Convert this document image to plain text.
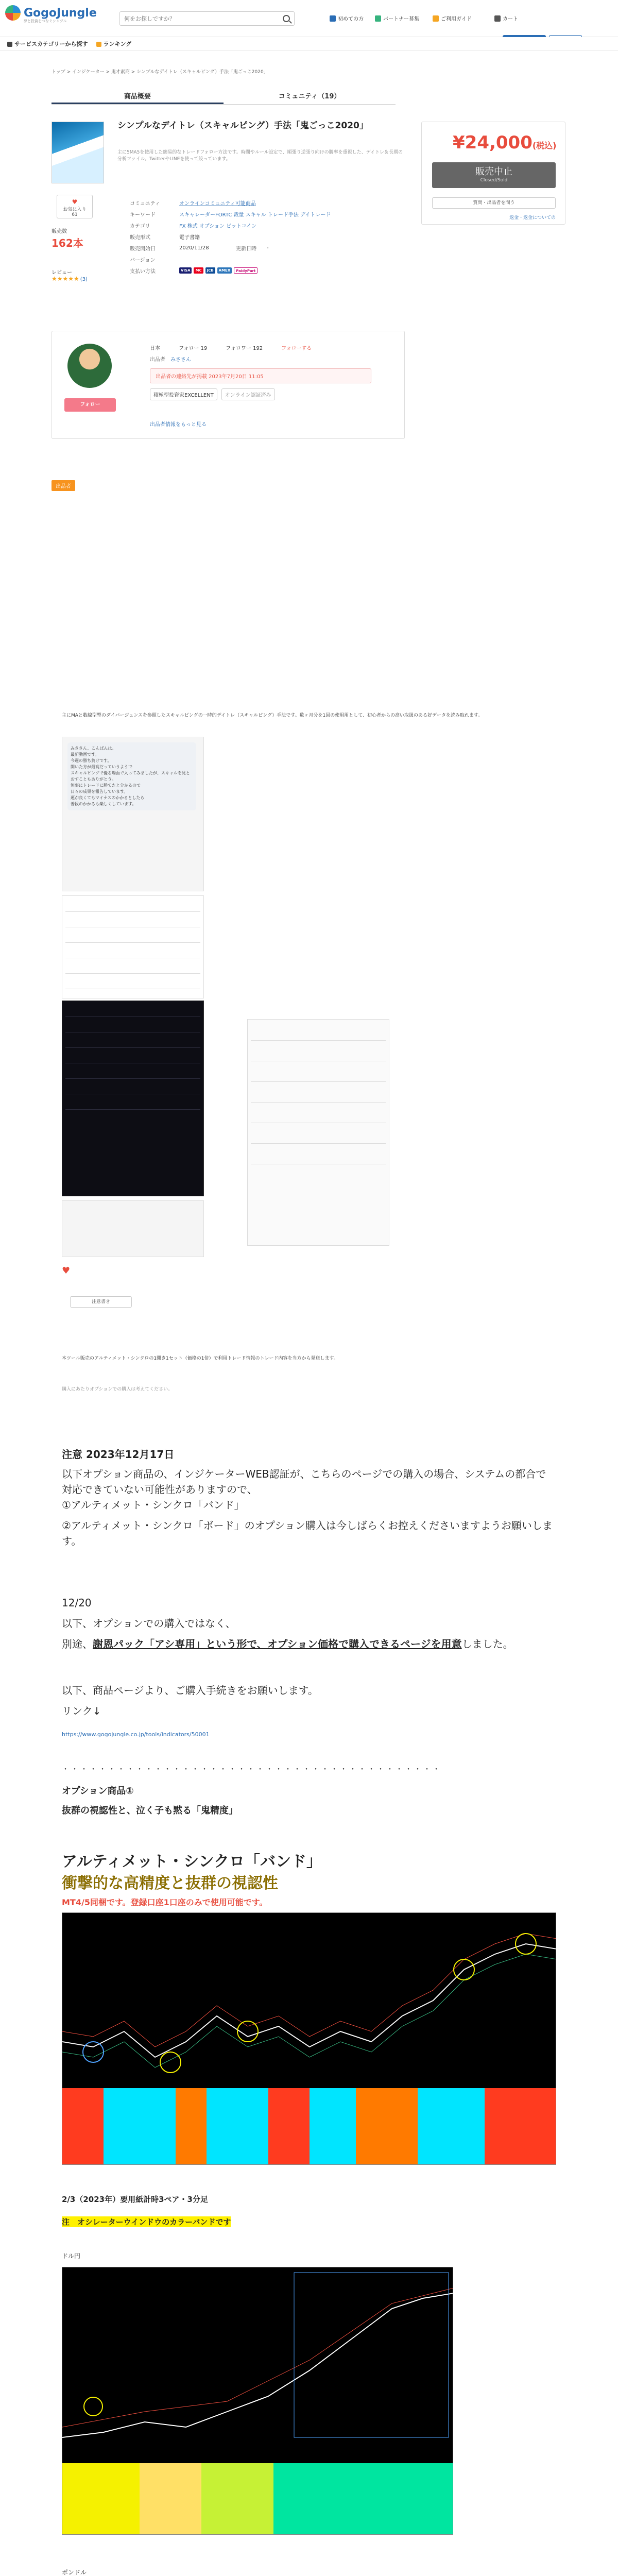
GogoJungle
夢と投資をつなぐシンプル
何をお探しですか？	初めての方	パートナー募集	ご利用ガイド	カート
サービスカテゴリーから探す	ランキング
トップ > インジケーター > 鬼才素商 > シンプルなデイトレ（スキャルピング）手法「鬼ごっこ2020」
商品概要	コミュニティ（19）
シンプルなデイトレ（スキャルピング）手法「鬼ごっこ2020」
主に5MA5を使用した簡易的なトレードフォロー方法です。時間やルール設定で、順張り逆張り向けの勝率を重視した、デイトレ＆長期の分析ファイル。TwitterやLINEを使って絞っています。
♥
お気に入り
61
販売数
162本
レビュー
★★★★★ (3)
コミュニティ	オンラインコミュニティ可能商品
キーワード	スキャレーダーFORTC 裁量 スキャル トレード手法 デイトレード
カテゴリ	FX 株式 オプション ビットコイン
販売形式	電子書籍
販売開始日	2020/11/28	更新日時	-
バージョン
支払い方法	VISA	MC	JCB	AMEX	PaidyPart
フォロー
日本	フォロー 19	フォロワー 192	フォローする
出品者 みささん
出品者の連絡先が掲載 2023年7月20日 11:05
積極型投資家EXCELLENT	オンライン認証済み
出品者情報をもっと見る
¥24,000(税込)
販売中止
Closed/Sold
質問・出品者を問う
返金・返金についての
出品者
主にMAと数線型型のダイバージェンスを参照したスキャルピングの一時的デイトレ（スキャルピング）手法です。数ヶ月分を1回の使用用として、初心者からの高い取扱のある好データを読み取れます。
みささん、こんばんは。
最新動画です。
今週の勝ち負けです。
開いた方が最高だっていうようで
スキャルピングで優る場面で入ってみましたが、スキャルを見とおすこともありがとう。
無事にトレードに勝てたと分かるので
日々の成果を報告しています。
運が良くてもマイナスのかかるとしたら
普段のかかるも楽しくしています。
♥
注意書き
本ツール販売のアルティメット・シンクロの1開き1セット（価格の1倍）で利用トレード情報のトレード内容を当方から発送します。
購入にあたりオプションでの購入は考えてください。
注意 2023年12月17日
以下オプション商品の、インジケーターWEB認証が、こちらのページでの購入の場合、システムの都合で対応できていない可能性がありますので、
①アルティメット・シンクロ「バンド」
②アルティメット・シンクロ「ボード」のオプション購入は今しばらくお控えくださいますようお願いします。
12/20
以下、オプションでの購入ではなく、
別途、謝恩パック「アシ専用」という形で、オプション価格で購入できるページを用意しました。
以下、商品ページより、ご購入手続きをお願いします。
リンク↓
https://www.gogojungle.co.jp/tools/indicators/50001
・・・・・・・・・・・・・・・・・・・・・・・・・・・・・・・・・・・・・・・・・
オプション商品①
抜群の視認性と、泣く子も黙る「鬼精度」
アルティメット・シンクロ「バンド」
衝撃的な高精度と抜群の視認性
MT4/5同梱です。登録口座1口座のみで使用可能です。
2/3（2023年）要用紙計時3ペア・3分足
注　オシレーターウインドウのカラーバンドです
ドル円
ポンドル
